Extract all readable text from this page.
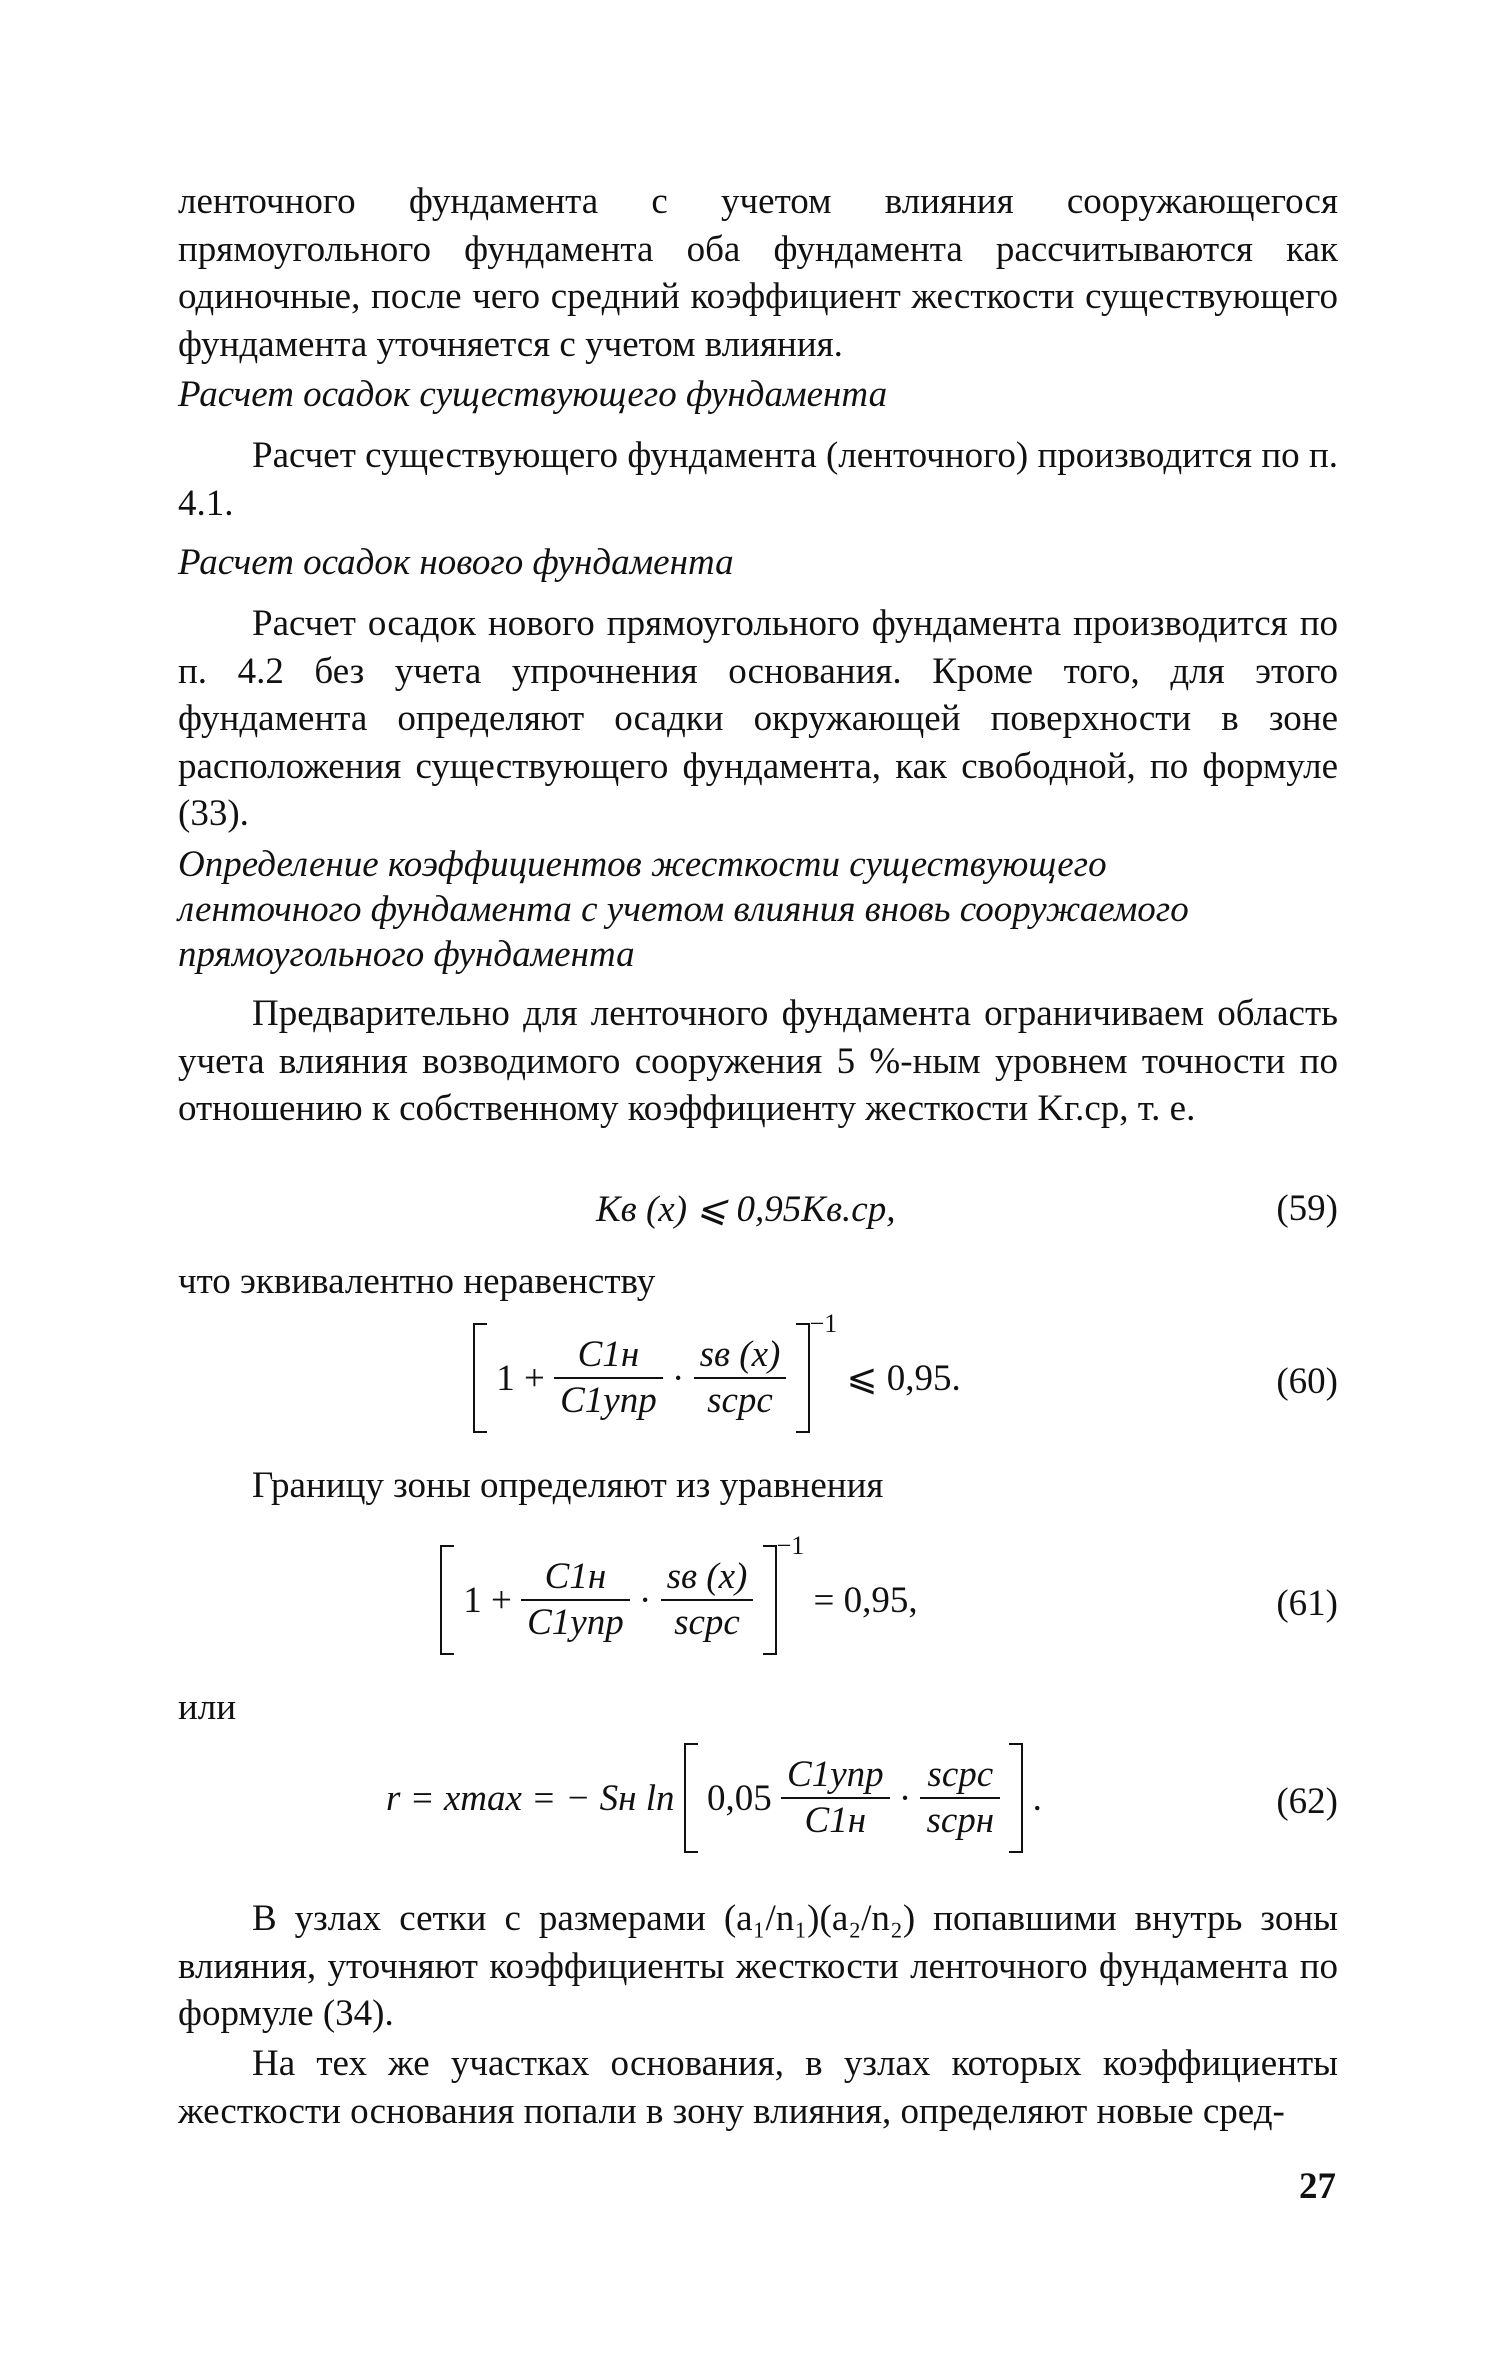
ленточного фундамента с учетом влияния сооружающегося прямоугольного фундамента оба фундамента рассчитываются как одиночные, после чего средний коэффициент жесткости существующего фундамента уточняется с учетом влияния.

Расчет осадок существующего фундамента

Расчет существующего фундамента (ленточного) производится по п. 4.1.

Расчет осадок нового фундамента

Расчет осадок нового прямоугольного фундамента производится по п. 4.2 без учета упрочнения основания. Кроме того, для этого фундамента определяют осадки окружающей поверхности в зоне расположения существующего фундамента, как свободной, по формуле (33).

Определение коэффициентов жесткости существующего
ленточного фундамента с учетом влияния вновь сооружаемого
прямоугольного фундамента

Предварительно для ленточного фундамента ограничиваем область учета влияния возводимого сооружения 5 %-ным уровнем точности по отношению к собственному коэффициенту жесткости Kг.ср, т. е.

Kв (x) ⩽ 0,95Kв.ср,	(59)

что эквивалентно неравенству

$1 + \frac{C1н}{\text{C1упр}} \cdot \frac{sв (x)}{\text{sсрс}}$
$^{-1}$ ⩽ 0,95.	(60)

Границу зоны определяют из уравнения

$1 + \frac{C1н}{\text{C1упр}} \cdot \frac{sв (x)}{\text{sсрс}}$
$^{-1}$ = 0,95,	(61)

или

r = xmax = − Sн $\ln 0,05 \frac{\text{C1упр}}{C1н} \cdot \frac{\text{sсрс}}{\text{sсрн}}$ .	(62)

В узлах сетки с размерами (a₁/n₁)(a₂/n₂) попавшими внутрь зоны влияния, уточняют коэффициенты жесткости ленточного фундамента по формуле (34).

На тех же участках основания, в узлах которых коэффициенты жесткости основания попали в зону влияния, определяют новые сред-

27
